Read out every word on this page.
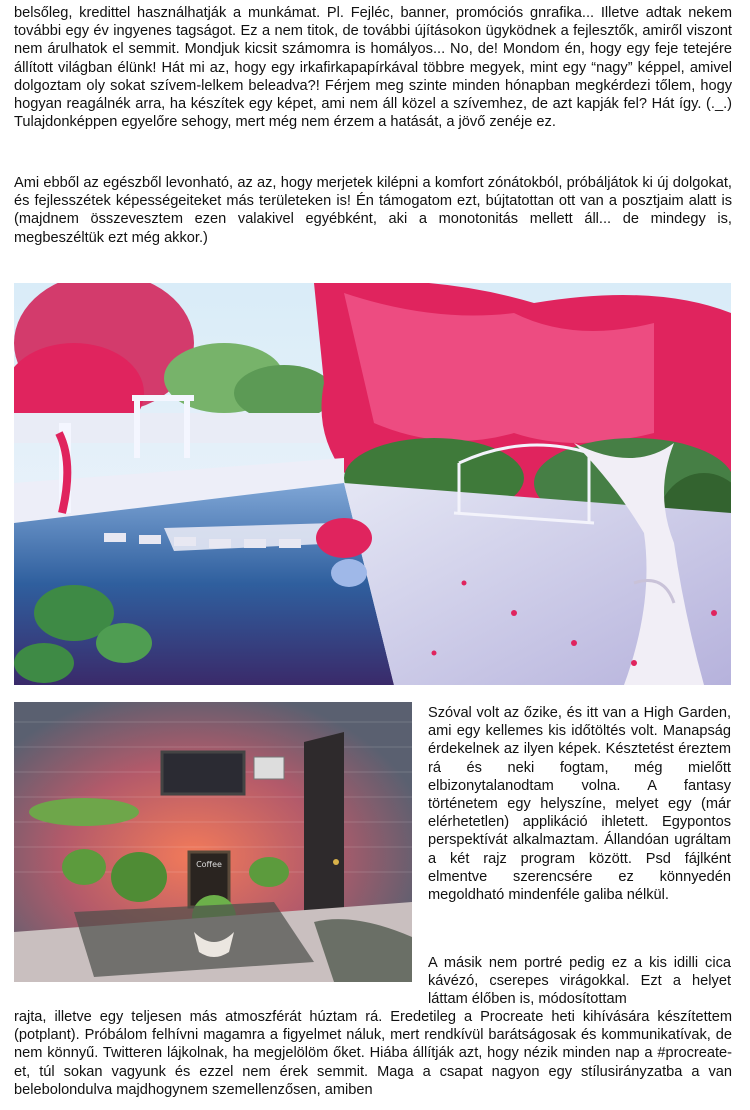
belsőleg, kredittel használhatják a munkámat. Pl. Fejléc, banner, promóciós gnrafika... Illetve adtak nekem további egy év ingyenes tagságot. Ez a nem titok, de további újításokon ügyködnek a fejlesztők, amiről viszont nem árulhatok el semmit. Mondjuk kicsit számomra is homályos... No, de! Mondom én, hogy egy feje tetejére állított világban élünk! Hát mi az, hogy egy irkafirkapapírkával többre megyek, mint egy “nagy” képpel, amivel dolgoztam oly sokat szívem-lelkem beleadva?! Férjem meg szinte minden hónapban megkérdezi tőlem, hogy hogyan reagálnék arra, ha készítek egy képet, ami nem áll közel a szívemhez, de azt kapják fel? Hát így. (._.) Tulajdonképpen egyelőre sehogy, mert még nem érzem a hatását, a jövő zenéje ez.

Ami ebből az egészből levonható, az az, hogy merjetek kilépni a komfort zónátokból, próbáljátok ki új dolgokat, és fejlesszétek képességeiteket más területeken is! Én támogatom ezt, bújtatottan ott van a posztjaim alatt is (majdnem összevesztem ezen valakivel egyébként, aki a monotonitás mellett áll... de mindegy is, megbeszéltük ezt még akkor.)

Coffee

Szóval volt az őzike, és itt van a High Garden, ami egy kellemes kis időtöltés volt. Manapság érdekelnek az ilyen képek. Késztetést éreztem rá és neki fogtam, még mielőtt elbizonytalanodtam volna. A fantasy történetem egy helyszíne, melyet egy (már elérhetetlen) applikáció ihletett. Egypontos perspektívát alkalmaztam. Állandóan ugráltam a két rajz program között. Psd fájlként elmentve szerencsére ez könnyedén megoldható mindenféle galiba nélkül.

A másik nem portré pedig ez a kis idilli cica kávézó, cserepes virágokkal. Ezt a helyet láttam élőben is, módosítottam

rajta, illetve egy teljesen más atmoszférát húztam rá. Eredetileg a Procreate heti kihívására készítettem (potplant). Próbálom felhívni magamra a figyelmet náluk, mert rendkívül barátságosak és kommunikatívak, de nem könnyű. Twitteren lájkolnak, ha megjelölöm őket. Hiába állítják azt, hogy nézik minden nap a #procreate-et, túl sokan vagyunk és ezzel nem érek semmit. Maga a csapat nagyon egy stílusirányzatba a van belebolondulva majdhogynem szemellenzősen, amiben
